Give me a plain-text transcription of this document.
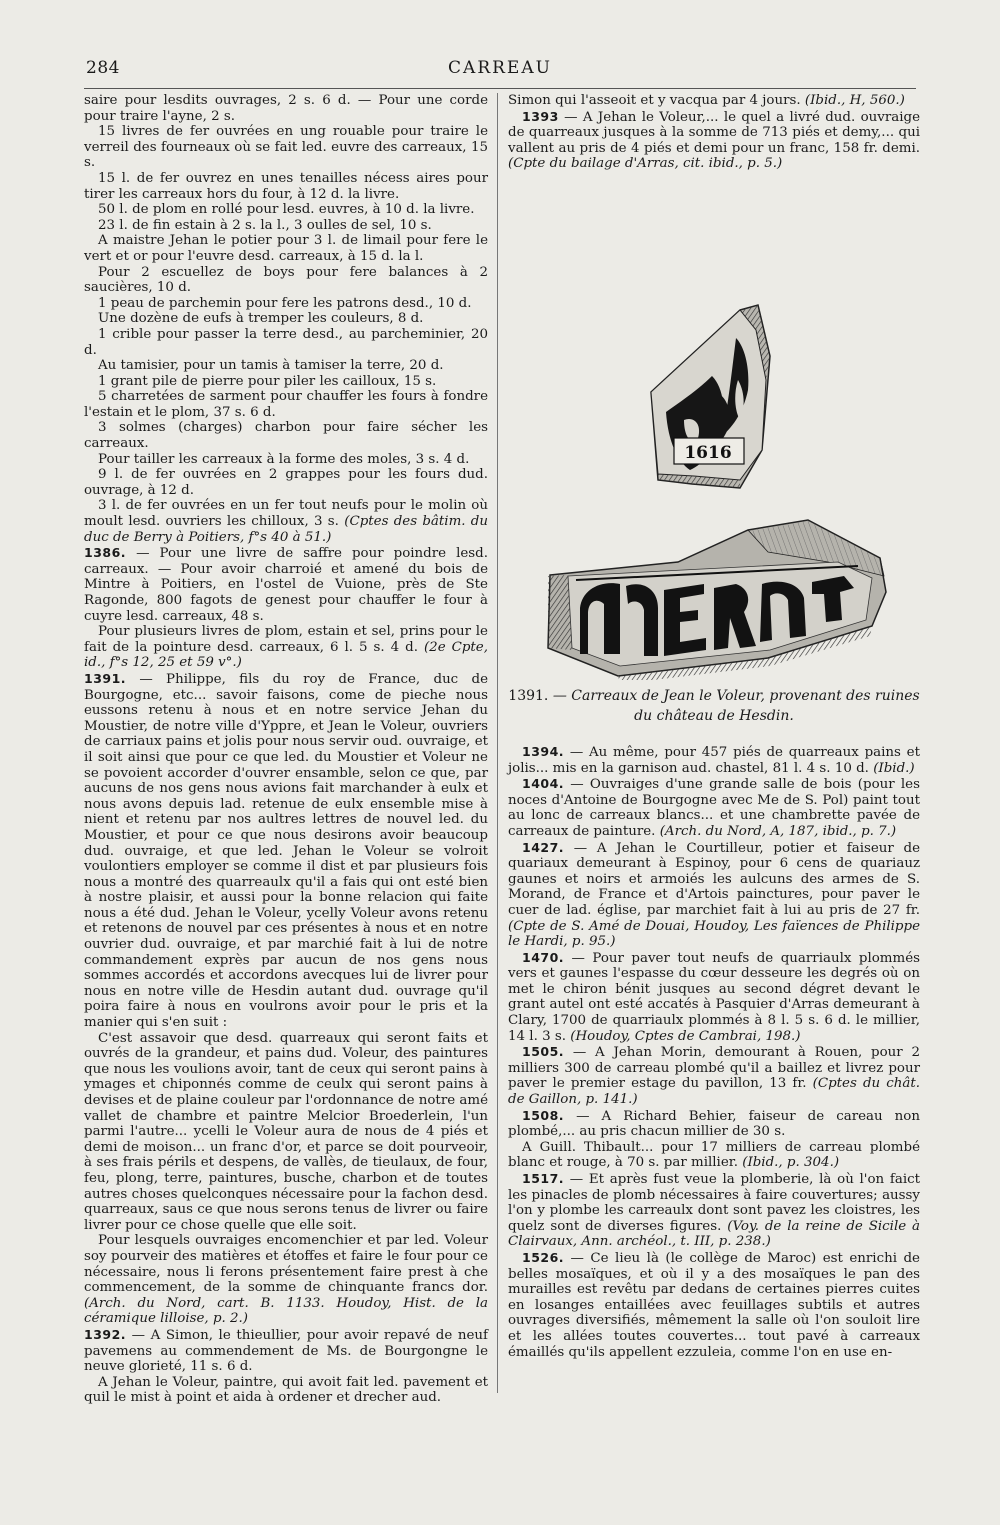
284	CARREAU

saire pour lesdits ouvrages, 2 s. 6 d. — Pour une corde pour traire l'ayne, 2 s.

15 livres de fer ouvrées en ung rouable pour traire le verreil des fourneaux où se fait led. euvre des carreaux, 15 s.

15 l. de fer ouvrez en unes tenailles nécess aires pour tirer les carreaux hors du four, à 12 d. la livre.

50 l. de plom en rollé pour lesd. euvres, à 10 d. la livre.

23 l. de fin estain à 2 s. la l., 3 oulles de sel, 10 s.

A maistre Jehan le potier pour 3 l. de limail pour fere le vert et or pour l'euvre desd. carreaux, à 15 d. la l.

Pour 2 escuellez de boys pour fere balances à 2 saucières, 10 d.

1 peau de parchemin pour fere les patrons desd., 10 d.

Une dozène de eufs à tremper les couleurs, 8 d.

1 crible pour passer la terre desd., au parcheminier, 20 d.

Au tamisier, pour un tamis à tamiser la terre, 20 d.

1 grant pile de pierre pour piler les cailloux, 15 s.

5 charretées de sarment pour chauffer les fours à fondre l'estain et le plom, 37 s. 6 d.

3 solmes (charges) charbon pour faire sécher les carreaux.

Pour tailler les carreaux à la forme des moles, 3 s. 4 d.

9 l. de fer ouvrées en 2 grappes pour les fours dud. ouvrage, à 12 d.

3 l. de fer ouvrées en un fer tout neufs pour le molin où moult lesd. ouvriers les chilloux, 3 s. (Cptes des bâtim. du duc de Berry à Poitiers, f°s 40 à 51.)

1386. — Pour une livre de saffre pour poindre lesd. carreaux. — Pour avoir charroié et amené du bois de Mintre à Poitiers, en l'ostel de Vuione, près de Ste Ragonde, 800 fagots de genest pour chauffer le four à cuyre lesd. carreaux, 48 s.

Pour plusieurs livres de plom, estain et sel, prins pour le fait de la pointure desd. carreaux, 6 l. 5 s. 4 d. (2e Cpte, id., f°s 12, 25 et 59 v°.)

1391. — Philippe, fils du roy de France, duc de Bourgogne, etc... savoir faisons, come de pieche nous eussons retenu à nous et en notre service Jehan du Moustier, de notre ville d'Yppre, et Jean le Voleur, ouvriers de carriaux pains et jolis pour nous servir oud. ouvraige, et il soit ainsi que pour ce que led. du Moustier et Voleur ne se povoient accorder d'ouvrer ensamble, selon ce que, par aucuns de nos gens nous avions fait marchander à eulx et nous avons depuis lad. retenue de eulx ensemble mise à nient et retenu par nos aultres lettres de nouvel led. du Moustier, et pour ce que nous desirons avoir beaucoup dud. ouvraige, et que led. Jehan le Voleur se volroit voulontiers employer se comme il dist et par plusieurs fois nous a montré des quarreaulx qu'il a fais qui ont esté bien à nostre plaisir, et aussi pour la bonne relacion qui faite nous a été dud. Jehan le Voleur, ycelly Voleur avons retenu et retenons de nouvel par ces présentes à nous et en notre ouvrier dud. ouvraige, et par marchié fait à lui de notre commandement exprès par aucun de nos gens nous sommes accordés et accordons avecques lui de livrer pour nous en notre ville de Hesdin autant dud. ouvrage qu'il poira faire à nous en voulrons avoir pour le pris et la manier qui s'en suit :

C'est assavoir que desd. quarreaux qui seront faits et ouvrés de la grandeur, et pains dud. Voleur, des paintures que nous les voulions avoir, tant de ceux qui seront pains à ymages et chiponnés comme de ceulx qui seront pains à devises et de plaine couleur par l'ordonnance de notre amé vallet de chambre et paintre Melcior Broederlein, l'un parmi l'autre... ycelli le Voleur aura de nous de 4 piés et demi de moison... un franc d'or, et parce se doit pourveoir, à ses frais périls et despens, de vallès, de tieulaux, de four, feu, plong, terre, paintures, busche, charbon et de toutes autres choses quelconques nécessaire pour la fachon desd. quarreaux, saus ce que nous serons tenus de livrer ou faire livrer pour ce chose quelle que elle soit.

Pour lesquels ouvraiges encomenchier et par led. Voleur soy pourveir des matières et étoffes et faire le four pour ce nécessaire, nous li ferons présentement faire prest à che commencement, de la somme de chinquante francs dor. (Arch. du Nord, cart. B. 1133. Houdoy, Hist. de la céramique lilloise, p. 2.)

1392. — A Simon, le thieullier, pour avoir repavé de neuf pavemens au commendement de Ms. de Bourgongne le neuve glorieté, 11 s. 6 d.

A Jehan le Voleur, paintre, qui avoit fait led. pavement et quil le mist à point et aida à ordener et drecher aud.

Simon qui l'asseoit et y vacqua par 4 jours. (Ibid., H, 560.)

1393 — A Jehan le Voleur,... le quel a livré dud. ouvraige de quarreaux jusques à la somme de 713 piés et demy,... qui vallent au pris de 4 piés et demi pour un franc, 158 fr. demi. (Cpte du bailage d'Arras, cit. ibid., p. 5.)

1616

1391. — Carreaux de Jean le Voleur, provenant des ruines du château de Hesdin.

1394. — Au même, pour 457 piés de quarreaux pains et jolis... mis en la garnison aud. chastel, 81 l. 4 s. 10 d. (Ibid.)

1404. — Ouvraiges d'une grande salle de bois (pour les noces d'Antoine de Bourgogne avec Me de S. Pol) paint tout au lonc de carreaux blancs... et une chambrette pavée de carreaux de painture. (Arch. du Nord, A, 187, ibid., p. 7.)

1427. — A Jehan le Courtilleur, potier et faiseur de quariaux demeurant à Espinoy, pour 6 cens de quariauz gaunes et noirs et armoiés les aulcuns des armes de S. Morand, de France et d'Artois painctures, pour paver le cuer de lad. église, par marchiet fait à lui au pris de 27 fr. (Cpte de S. Amé de Douai, Houdoy, Les faïences de Philippe le Hardi, p. 95.)

1470. — Pour paver tout neufs de quarriaulx plommés vers et gaunes l'espasse du cœur desseure les degrés où on met le chiron bénit jusques au second dégret devant le grant autel ont esté accatés à Pasquier d'Arras demeurant à Clary, 1700 de quarriaulx plommés à 8 l. 5 s. 6 d. le millier, 14 l. 3 s. (Houdoy, Cptes de Cambrai, 198.)

1505. — A Jehan Morin, demourant à Rouen, pour 2 milliers 300 de carreau plombé qu'il a baillez et livrez pour paver le premier estage du pavillon, 13 fr. (Cptes du chât. de Gaillon, p. 141.)

1508. — A Richard Behier, faiseur de careau non plombé,... au pris chacun millier de 30 s.

A Guill. Thibault... pour 17 milliers de carreau plombé blanc et rouge, à 70 s. par millier. (Ibid., p. 304.)

1517. — Et après fust veue la plomberie, là où l'on faict les pinacles de plomb nécessaires à faire couvertures; aussy l'on y plombe les carreaulx dont sont pavez les cloistres, les quelz sont de diverses figures. (Voy. de la reine de Sicile à Clairvaux, Ann. archéol., t. III, p. 238.)

1526. — Ce lieu là (le collège de Maroc) est enrichi de belles mosaïques, et où il y a des mosaïques le pan des murailles est revêtu par dedans de certaines pierres cuites en losanges entaillées avec feuillages subtils et autres ouvrages diversifiés, mêmement la salle où l'on souloit lire et les allées toutes couvertes... tout pavé à carreaux émaillés qu'ils appellent ezzuleia, comme l'on en use en-
